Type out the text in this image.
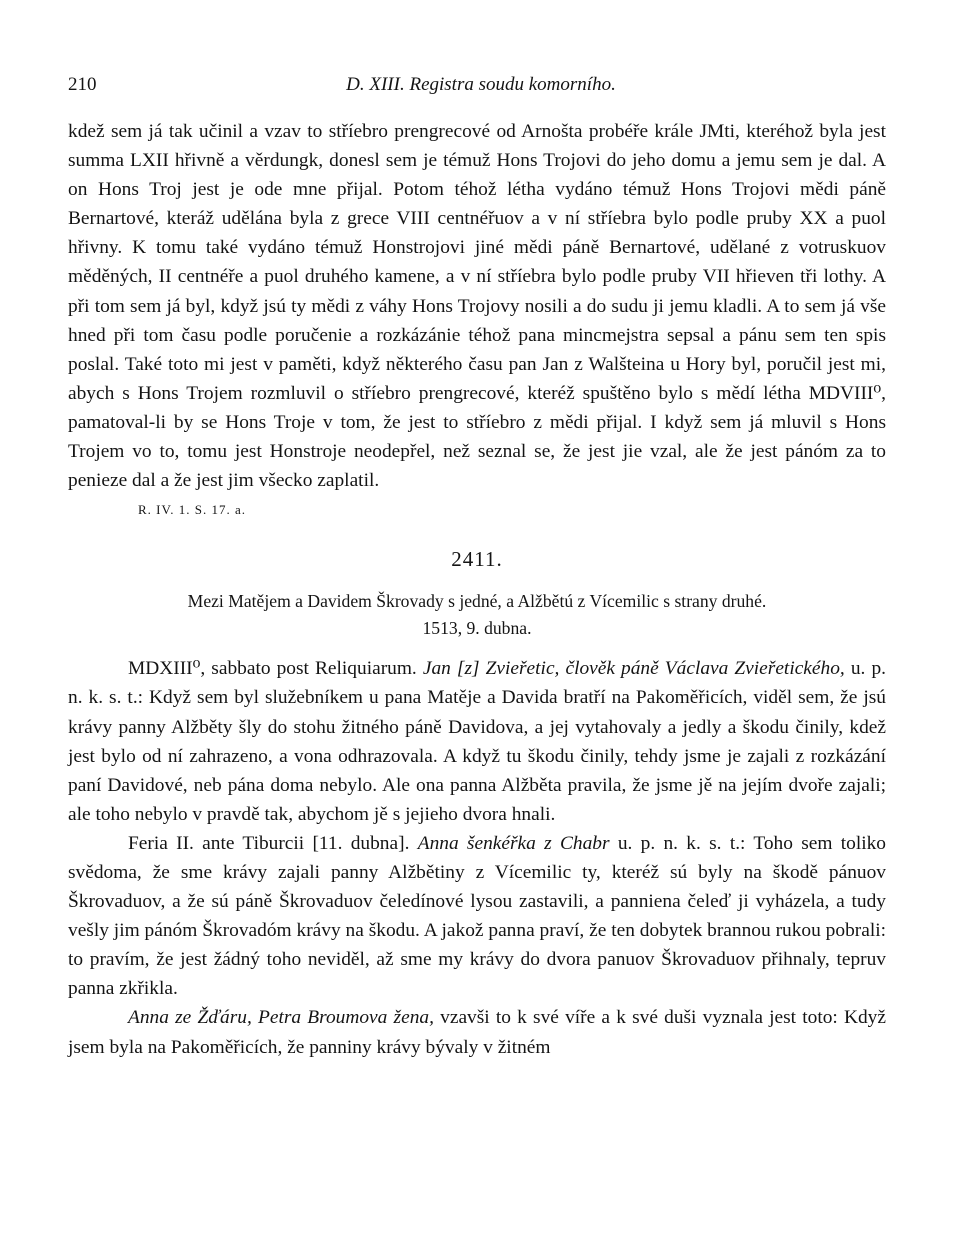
210	D. XIII. Registra soudu komorního.

kdež sem já tak učinil a vzav to stříebro prengrecové od Arnošta probéře krále JMti, kteréhož byla jest summa LXII hřivně a věrdungk, donesl sem je témuž Hons Trojovi do jeho domu a jemu sem je dal. A on Hons Troj jest je ode mne přijal. Potom téhož létha vydáno témuž Hons Trojovi mědi páně Bernartové, kteráž udělána byla z grece VIII centnéřuov a v ní stříebra bylo podle pruby XX a puol hřivny. K tomu také vydáno témuž Honstrojovi jiné mědi páně Bernartové, udělané z votruskuov měděných, II centnéře a puol druhého kamene, a v ní stříebra bylo podle pruby VII hřieven tři lothy. A při tom sem já byl, když jsú ty mědi z váhy Hons Trojovy nosili a do sudu ji jemu kladli. A to sem já vše hned při tom času podle poručenie a rozkázánie téhož pana mincmejstra sepsal a pánu sem ten spis poslal. Také toto mi jest v paměti, když některého času pan Jan z Walšteina u Hory byl, poručil jest mi, abych s Hons Trojem rozmluvil o stříebro prengrecové, kteréž spuštěno bylo s mědí létha MDVIII⁰, pamatoval-li by se Hons Troje v tom, že jest to stříebro z mědi přijal. I když sem já mluvil s Hons Trojem vo to, tomu jest Honstroje neodepřel, než seznal se, že jest jie vzal, ale že jest pánóm za to penieze dal a že jest jim všecko zaplatil.

R. IV. 1. S. 17. a.

2411.

Mezi Matějem a Davidem Škrovady s jedné, a Alžbětú z Vícemilic s strany druhé.

1513, 9. dubna.

MDXIII⁰, sabbato post Reliquiarum. Jan [z] Zvieřetic, člověk páně Václava Zvieřetického, u. p. n. k. s. t.: Když sem byl služebníkem u pana Matěje a Davida bratří na Pakoměřicích, viděl sem, že jsú krávy panny Alžběty šly do stohu žitného páně Davidova, a jej vytahovaly a jedly a škodu činily, kdež jest bylo od ní zahrazeno, a vona odhrazovala. A když tu škodu činily, tehdy jsme je zajali z rozkázání paní Davidové, neb pána doma nebylo. Ale ona panna Alžběta pravila, že jsme jě na jejím dvoře zajali; ale toho nebylo v pravdě tak, abychom jě s jejieho dvora hnali.

Feria II. ante Tiburcii [11. dubna]. Anna šenkéřka z Chabr u. p. n. k. s. t.: Toho sem toliko svědoma, že sme krávy zajali panny Alžbětiny z Vícemilic ty, kteréž sú byly na škodě pánuov Škrovaduov, a že sú páně Škrovaduov čeledínové lysou zastavili, a panniena čeleď ji vyházela, a tudy vešly jim pánóm Škrovadóm krávy na škodu. A jakož panna praví, že ten dobytek brannou rukou pobrali: to pravím, že jest žádný toho neviděl, až sme my krávy do dvora panuov Škrovaduov přihnaly, tepruv panna zkřikla.

Anna ze Žďáru, Petra Broumova žena, vzavši to k své víře a k své duši vyznala jest toto: Když jsem byla na Pakoměřicích, že panniny krávy bývaly v žitném
